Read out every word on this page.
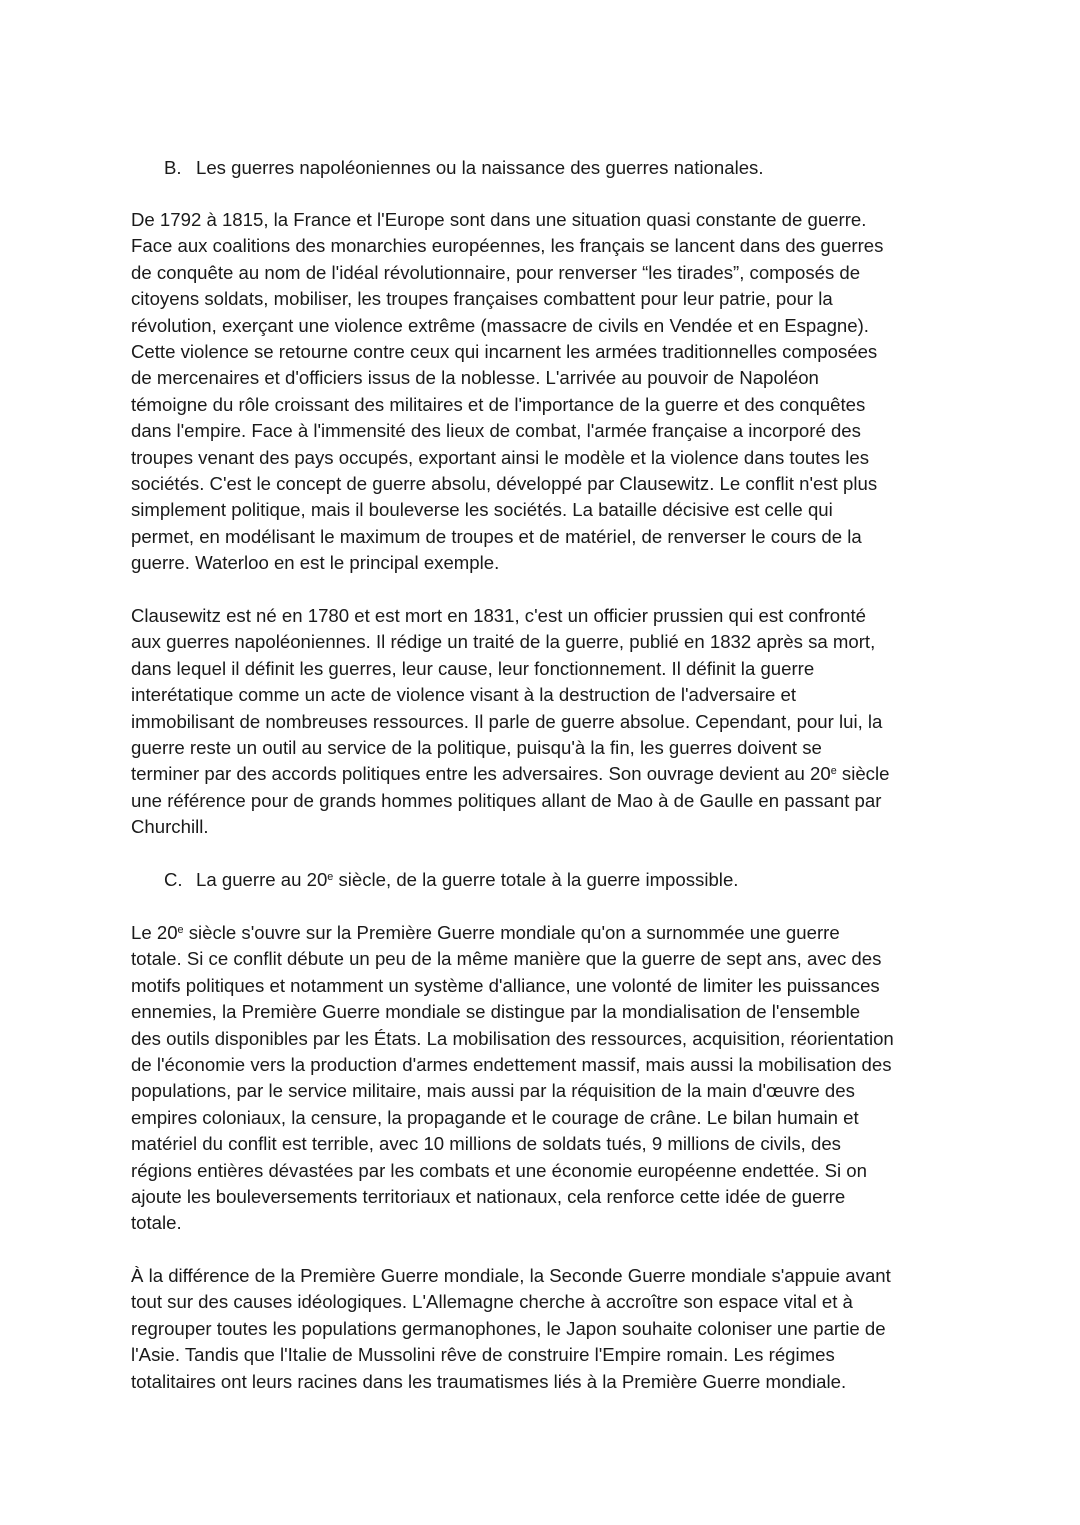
B. Les guerres napoléoniennes ou la naissance des guerres nationales.
De 1792 à 1815, la France et l'Europe sont dans une situation quasi constante de guerre.
Face aux coalitions des monarchies européennes, les français se lancent dans des guerres
de conquête au nom de l'idéal révolutionnaire, pour renverser “les tirades”, composés de
citoyens soldats, mobiliser, les troupes françaises combattent pour leur patrie, pour la
révolution, exerçant une violence extrême (massacre de civils en Vendée et en Espagne).
Cette violence se retourne contre ceux qui incarnent les armées traditionnelles composées
de mercenaires et d'officiers issus de la noblesse. L'arrivée au pouvoir de Napoléon
témoigne du rôle croissant des militaires et de l'importance de la guerre et des conquêtes
dans l'empire. Face à l'immensité des lieux de combat, l'armée française a incorporé des
troupes venant des pays occupés, exportant ainsi le modèle et la violence dans toutes les
sociétés. C'est le concept de guerre absolu, développé par Clausewitz. Le conflit n'est plus
simplement politique, mais il bouleverse les sociétés. La bataille décisive est celle qui
permet, en modélisant le maximum de troupes et de matériel, de renverser le cours de la
guerre. Waterloo en est le principal exemple.
Clausewitz est né en 1780 et est mort en 1831, c'est un officier prussien qui est confronté
aux guerres napoléoniennes. Il rédige un traité de la guerre, publié en 1832 après sa mort,
dans lequel il définit les guerres, leur cause, leur fonctionnement. Il définit la guerre
interétatique comme un acte de violence visant à la destruction de l'adversaire et
immobilisant de nombreuses ressources. Il parle de guerre absolue. Cependant, pour lui, la
guerre reste un outil au service de la politique, puisqu'à la fin, les guerres doivent se
terminer par des accords politiques entre les adversaires. Son ouvrage devient au 20e siècle
une référence pour de grands hommes politiques allant de Mao à de Gaulle en passant par
Churchill.
C. La guerre au 20e siècle, de la guerre totale à la guerre impossible.
Le 20e siècle s'ouvre sur la Première Guerre mondiale qu'on a surnommée une guerre
totale. Si ce conflit débute un peu de la même manière que la guerre de sept ans, avec des
motifs politiques et notamment un système d'alliance, une volonté de limiter les puissances
ennemies, la Première Guerre mondiale se distingue par la mondialisation de l'ensemble
des outils disponibles par les États. La mobilisation des ressources, acquisition, réorientation
de l'économie vers la production d'armes endettement massif, mais aussi la mobilisation des
populations, par le service militaire, mais aussi par la réquisition de la main d'œuvre des
empires coloniaux, la censure, la propagande et le courage de crâne. Le bilan humain et
matériel du conflit est terrible, avec 10 millions de soldats tués, 9 millions de civils, des
régions entières dévastées par les combats et une économie européenne endettée. Si on
ajoute les bouleversements territoriaux et nationaux, cela renforce cette idée de guerre
totale.
À la différence de la Première Guerre mondiale, la Seconde Guerre mondiale s'appuie avant
tout sur des causes idéologiques. L'Allemagne cherche à accroître son espace vital et à
regrouper toutes les populations germanophones, le Japon souhaite coloniser une partie de
l'Asie. Tandis que l'Italie de Mussolini rêve de construire l'Empire romain. Les régimes
totalitaires ont leurs racines dans les traumatismes liés à la Première Guerre mondiale.
